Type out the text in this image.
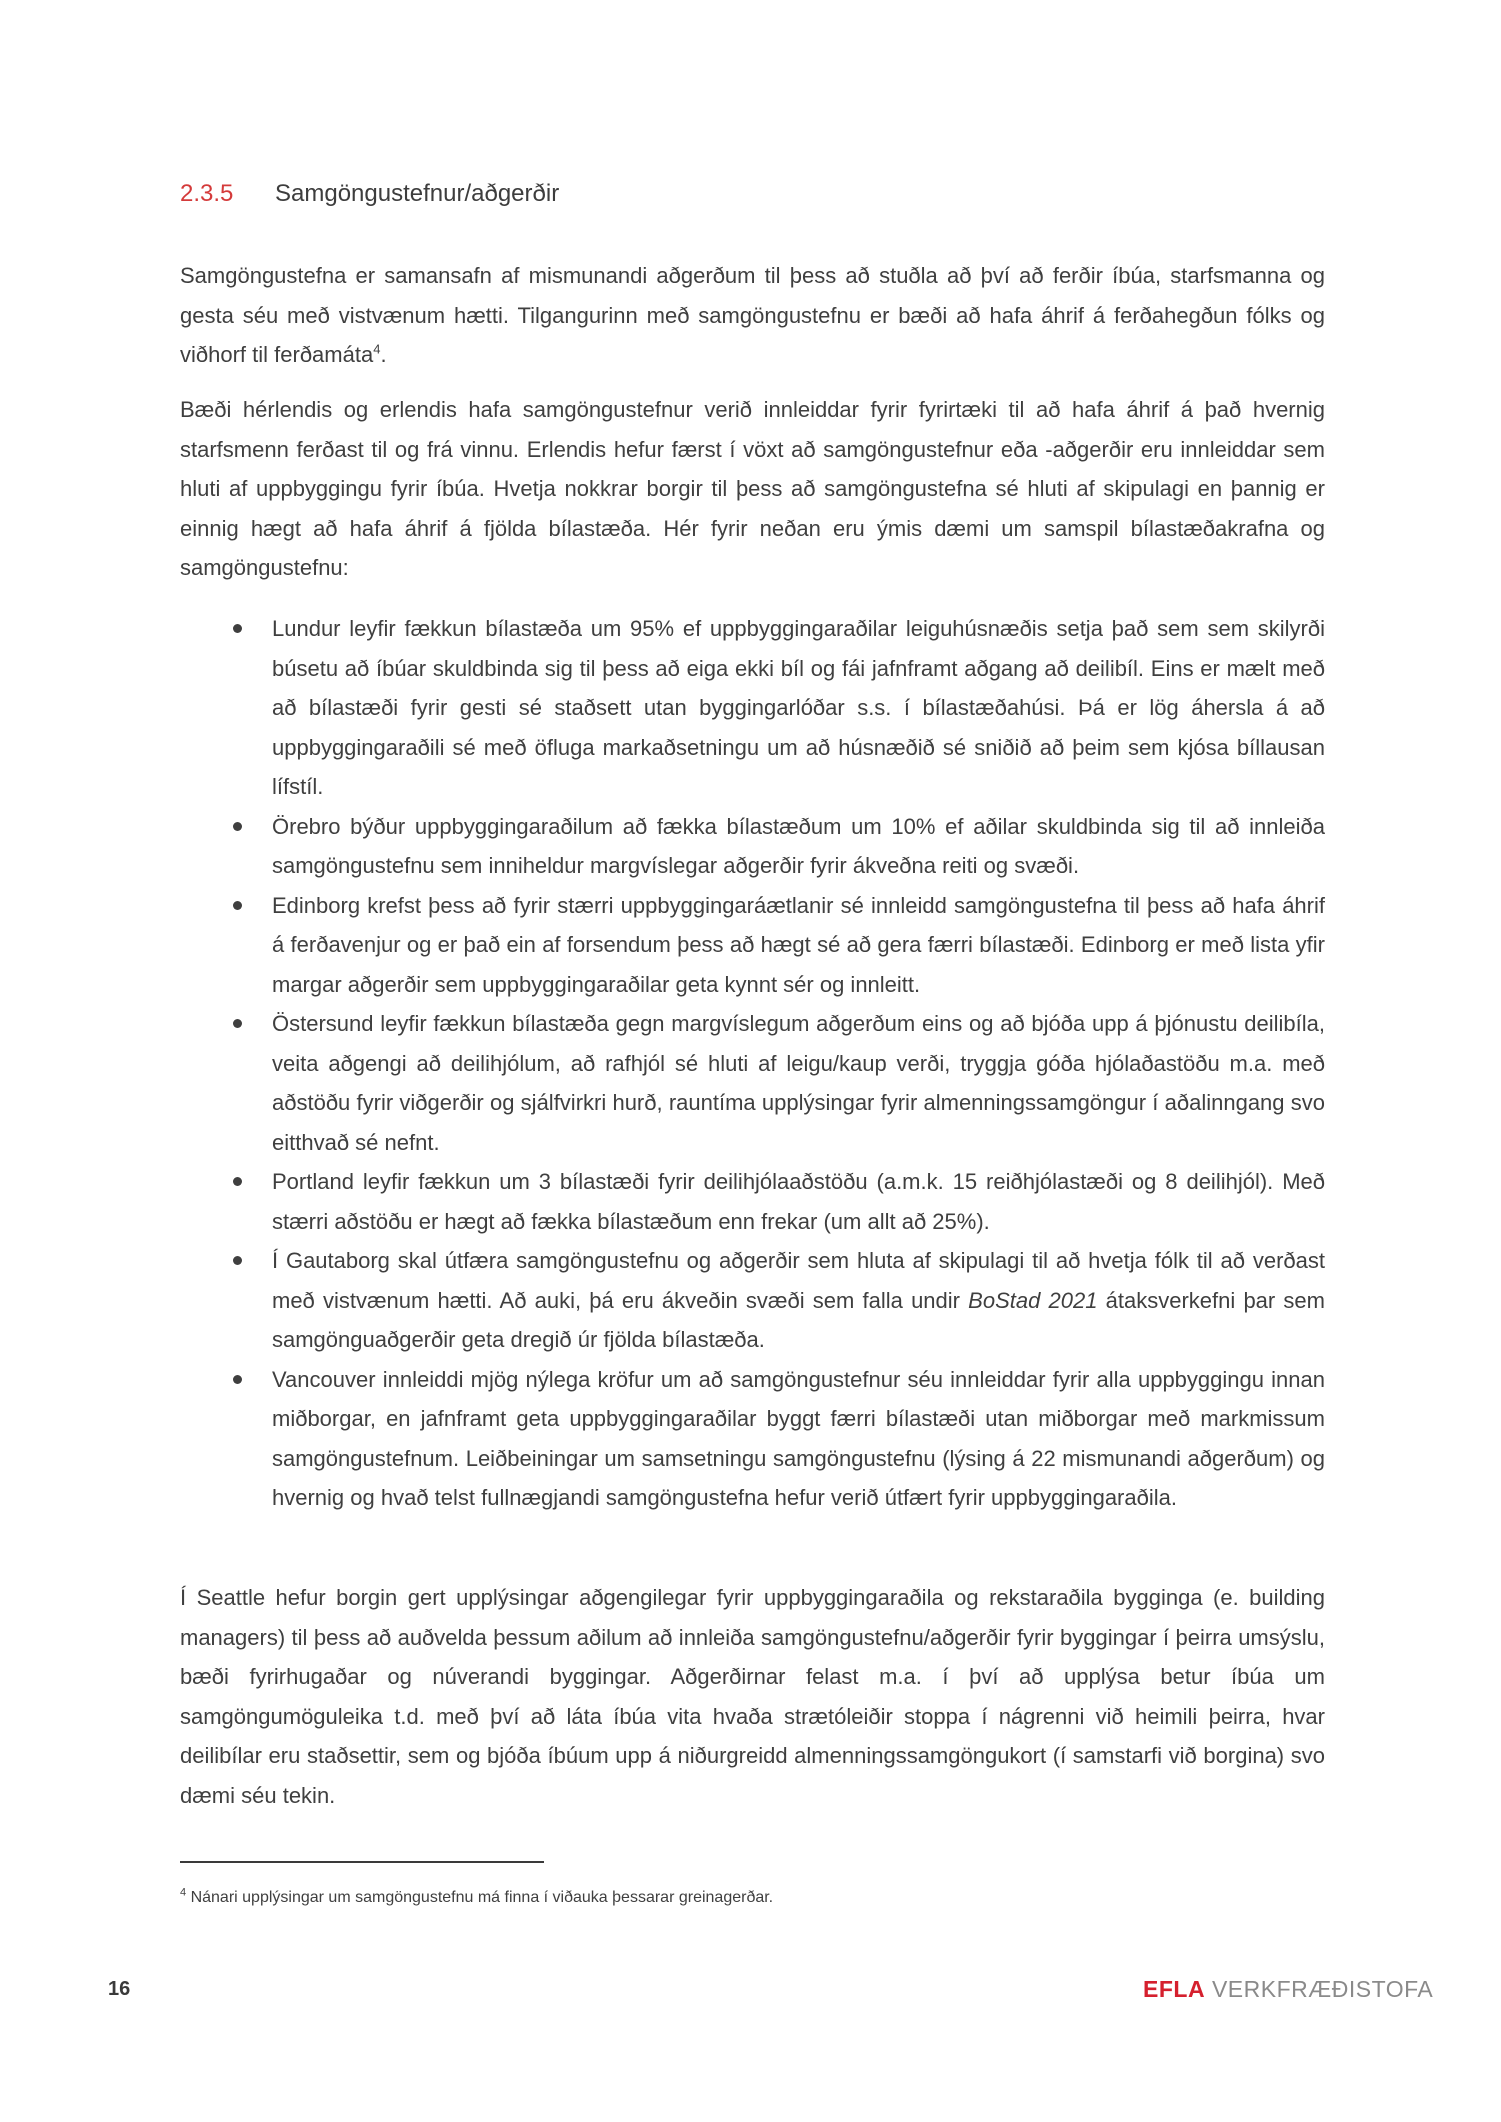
2.3.5	Samgöngustefnur/aðgerðir
Samgöngustefna er samansafn af mismunandi aðgerðum til þess að stuðla að því að ferðir íbúa, starfsmanna og gesta séu með vistvænum hætti. Tilgangurinn með samgöngustefnu er bæði að hafa áhrif á ferðahegðun fólks og viðhorf til ferðamáta$^4$.
Bæði hérlendis og erlendis hafa samgöngustefnur verið innleiddar fyrir fyrirtæki til að hafa áhrif á það hvernig starfsmenn ferðast til og frá vinnu. Erlendis hefur færst í vöxt að samgöngustefnur eða -aðgerðir eru innleiddar sem hluti af uppbyggingu fyrir íbúa. Hvetja nokkrar borgir til þess að samgöngustefna sé hluti af skipulagi en þannig er einnig hægt að hafa áhrif á fjölda bílastæða. Hér fyrir neðan eru ýmis dæmi um samspil bílastæðakrafna og samgöngustefnu:
Lundur leyfir fækkun bílastæða um 95% ef uppbyggingaraðilar leiguhúsnæðis setja það sem sem skilyrði búsetu að íbúar skuldbinda sig til þess að eiga ekki bíl og fái jafnframt aðgang að deilibíl. Eins er mælt með að bílastæði fyrir gesti sé staðsett utan byggingarlóðar s.s. í bílastæðahúsi. Þá er lög áhersla á að uppbyggingaraðili sé með öfluga markaðsetningu um að húsnæðið sé sniðið að þeim sem kjósa bíllausan lífstíl.
Örebro býður uppbyggingaraðilum að fækka bílastæðum um 10% ef aðilar skuldbinda sig til að innleiða samgöngustefnu sem inniheldur margvíslegar aðgerðir fyrir ákveðna reiti og svæði.
Edinborg krefst þess að fyrir stærri uppbyggingaráætlanir sé innleidd samgöngustefna til þess að hafa áhrif á ferðavenjur og er það ein af forsendum þess að hægt sé að gera færri bílastæði. Edinborg er með lista yfir margar aðgerðir sem uppbyggingaraðilar geta kynnt sér og innleitt.
Östersund leyfir fækkun bílastæða gegn margvíslegum aðgerðum eins og að bjóða upp á þjónustu deilibíla, veita aðgengi að deilihjólum, að rafhjól sé hluti af leigu/kaup verði, tryggja góða hjólaðastöðu m.a. með aðstöðu fyrir viðgerðir og sjálfvirkri hurð, rauntíma upplýsingar fyrir almenningssamgöngur í aðalinngang svo eitthvað sé nefnt.
Portland leyfir fækkun um 3 bílastæði fyrir deilihjólaaðstöðu (a.m.k. 15 reiðhjólastæði og 8 deilihjól). Með stærri aðstöðu er hægt að fækka bílastæðum enn frekar (um allt að 25%).
Í Gautaborg skal útfæra samgöngustefnu og aðgerðir sem hluta af skipulagi til að hvetja fólk til að verðast með vistvænum hætti. Að auki, þá eru ákveðin svæði sem falla undir BoStad 2021 átaksverkefni þar sem samgönguaðgerðir geta dregið úr fjölda bílastæða.
Vancouver innleiddi mjög nýlega kröfur um að samgöngustefnur séu innleiddar fyrir alla uppbyggingu innan miðborgar, en jafnframt geta uppbyggingaraðilar byggt færri bílastæði utan miðborgar með markmissum samgöngustefnum. Leiðbeiningar um samsetningu samgöngustefnu (lýsing á 22 mismunandi aðgerðum) og hvernig og hvað telst fullnægjandi samgöngustefna hefur verið útfært fyrir uppbyggingaraðila.
Í Seattle hefur borgin gert upplýsingar aðgengilegar fyrir uppbyggingaraðila og rekstaraðila bygginga (e. building managers) til þess að auðvelda þessum aðilum að innleiða samgöngustefnu/aðgerðir fyrir byggingar í þeirra umsýslu, bæði fyrirhugaðar og núverandi byggingar. Aðgerðirnar felast m.a. í því að upplýsa betur íbúa um samgöngumöguleika t.d. með því að láta íbúa vita hvaða strætóleiðir stoppa í nágrenni við heimili þeirra, hvar deilibílar eru staðsettir, sem og bjóða íbúum upp á niðurgreidd almenningssamgöngukort (í samstarfi við borgina) svo dæmi séu tekin.
$^4$ Nánari upplýsingar um samgöngustefnu má finna í viðauka þessarar greinagerðar.
16	EFLA VERKFRÆÐISTOFA
